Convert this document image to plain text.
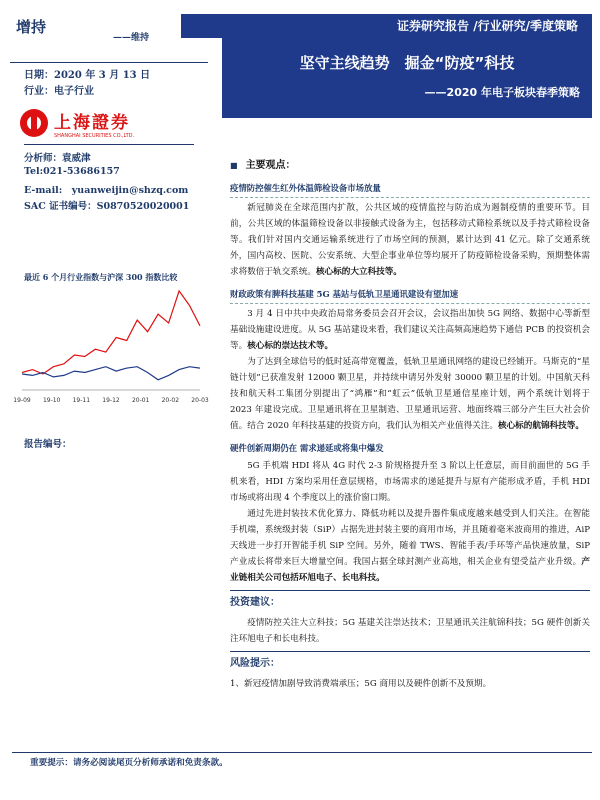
增持
——维持
日期：2020 年 3 月 13 日
行业：电子行业
上海證券
SHANGHAI SECURITIES CO.,LTD.
分析师：袁威津
Tel:021-53686157
E-mail:　yuanweijin@shzq.com
SAC 证书编号：S0870520020001
最近 6 个月行业指数与沪深 300 指数比较
19-09 19-10 19-11 19-12 20-01 20-02 20-03
报告编号：
证券研究报告 /行业研究/季度策略
坚守主线趋势　掘金“防疫”科技
——2020 年电子板块春季策略
■ 主要观点：
疫情防控催生红外体温筛检设备市场放量
新冠肺炎在全球范围内扩散，公共区域的疫情监控与防治成为遏制疫情的重要环节。目前，公共区域的体温筛检设备以非接触式设备为主，包括移动式筛检系统以及手持式筛检设备等。我们针对国内交通运输系统进行了市场空间的预测，累计达到 41 亿元。除了交通系统外，国内高校、医院、公安系统、大型企事业单位等均展开了防疫筛检设备采购，预期整体需求将数倍于轨交系统。核心标的大立科技等。
财政政策有脾科技基建 5G 基站与低轨卫星通讯建设有望加速
3 月 4 日中共中央政治局常务委员会召开会议，会议指出加快 5G 网络、数据中心等新型基础设施建设进度。从 5G 基站建设来看，我们建议关注高频高速趋势下通信 PCB 的投资机会等。核心标的崇达技术等。
为了达到全球信号的低时延高带宽覆盖，低轨卫星通讯网络的建设已经铺开。马斯克的“星链计划”已获准发射 12000 颗卫星，并持续申请另外发射 30000 颗卫星的计划。中国航天科技和航天科工集团分别提出了“鸿雁”和“虹云”低轨卫星通信星座计划，两个系统计划将于 2023 年建设完成。卫星通讯将在卫星制造、卫星通讯运营、地面终端三部分产生巨大社会价值。结合 2020 年科技基建的投资方向，我们认为相关产业值得关注。核心标的航锦科技等。
硬件创新周期仍在 需求递延或将集中爆发
5G 手机端 HDI 将从 4G 时代 2-3 阶规格提升至 3 阶以上任意层，而目前面世的 5G 手机来看，HDI 方案均采用任意层规格，市场需求的递延提升与原有产能形成矛盾，手机 HDI 市场或将出现 4 个季度以上的涨价窗口期。
通过先进封装技术优化算力、降低功耗以及提升器件集成度越来越受到人们关注。在智能手机端，系统级封装（SiP）占据先进封装主要的商用市场，并且随着毫米波商用的推进，AiP 天线进一步打开智能手机 SiP 空间。另外，随着 TWS、智能手表/手环等产品快速放量，SiP 产业成长将带来巨大增量空间。我国占据全球封测产业高地，相关企业有望受益产业升级。产业链相关公司包括环旭电子、长电科技。
投资建议：
疫情防控关注大立科技；5G 基建关注崇达技术；卫星通讯关注航锦科技；5G 硬件创新关注环旭电子和长电科技。
风险提示：
1、新冠疫情加剧导致消费端承压；5G 商用以及硬件创新不及预期。
重要提示：请务必阅读尾页分析师承诺和免责条款。
